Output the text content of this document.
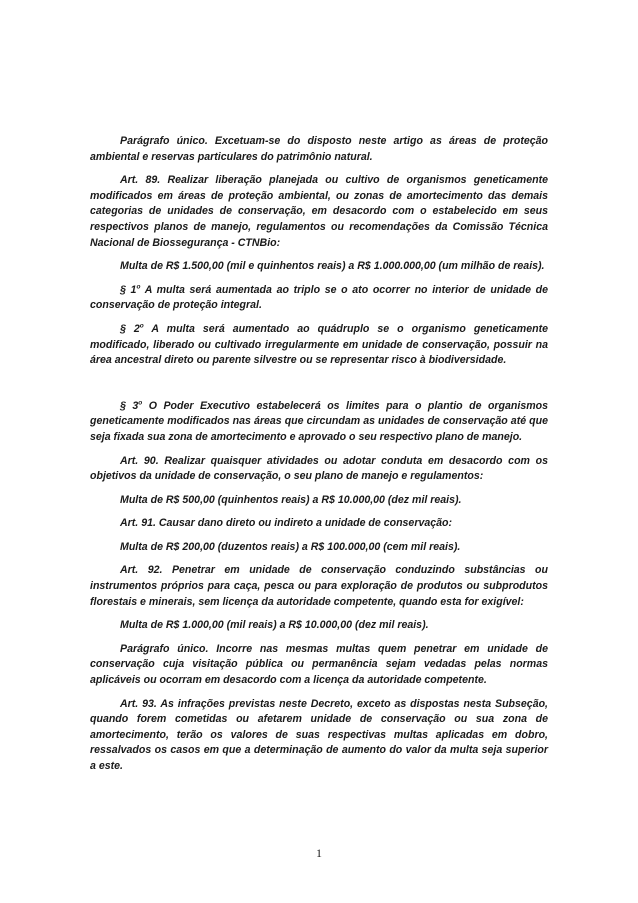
Parágrafo único. Excetuam-se do disposto neste artigo as áreas de proteção ambiental e reservas particulares do patrimônio natural.

Art. 89. Realizar liberação planejada ou cultivo de organismos geneticamente modificados em áreas de proteção ambiental, ou zonas de amortecimento das demais categorias de unidades de conservação, em desacordo com o estabelecido em seus respectivos planos de manejo, regulamentos ou recomendações da Comissão Técnica Nacional de Biossegurança - CTNBio:

Multa de R$ 1.500,00 (mil e quinhentos reais) a R$ 1.000.000,00 (um milhão de reais).

§ 1$^o$ A multa será aumentada ao triplo se o ato ocorrer no interior de unidade de conservação de proteção integral.

§ 2$^o$ A multa será aumentado ao quádruplo se o organismo geneticamente modificado, liberado ou cultivado irregularmente em unidade de conservação, possuir na área ancestral direto ou parente silvestre ou se representar risco à biodiversidade.

§ 3$^o$ O Poder Executivo estabelecerá os limites para o plantio de organismos geneticamente modificados nas áreas que circundam as unidades de conservação até que seja fixada sua zona de amortecimento e aprovado o seu respectivo plano de manejo.

Art. 90. Realizar quaisquer atividades ou adotar conduta em desacordo com os objetivos da unidade de conservação, o seu plano de manejo e regulamentos:

Multa de R$ 500,00 (quinhentos reais) a R$ 10.000,00 (dez mil reais).

Art. 91. Causar dano direto ou indireto a unidade de conservação:

Multa de R$ 200,00 (duzentos reais) a R$ 100.000,00 (cem mil reais).

Art. 92. Penetrar em unidade de conservação conduzindo substâncias ou instrumentos próprios para caça, pesca ou para exploração de produtos ou subprodutos florestais e minerais, sem licença da autoridade competente, quando esta for exigível:

Multa de R$ 1.000,00 (mil reais) a R$ 10.000,00 (dez mil reais).

Parágrafo único. Incorre nas mesmas multas quem penetrar em unidade de conservação cuja visitação pública ou permanência sejam vedadas pelas normas aplicáveis ou ocorram em desacordo com a licença da autoridade competente.

Art. 93. As infrações previstas neste Decreto, exceto as dispostas nesta Subseção, quando forem cometidas ou afetarem unidade de conservação ou sua zona de amortecimento, terão os valores de suas respectivas multas aplicadas em dobro, ressalvados os casos em que a determinação de aumento do valor da multa seja superior a este.

1
